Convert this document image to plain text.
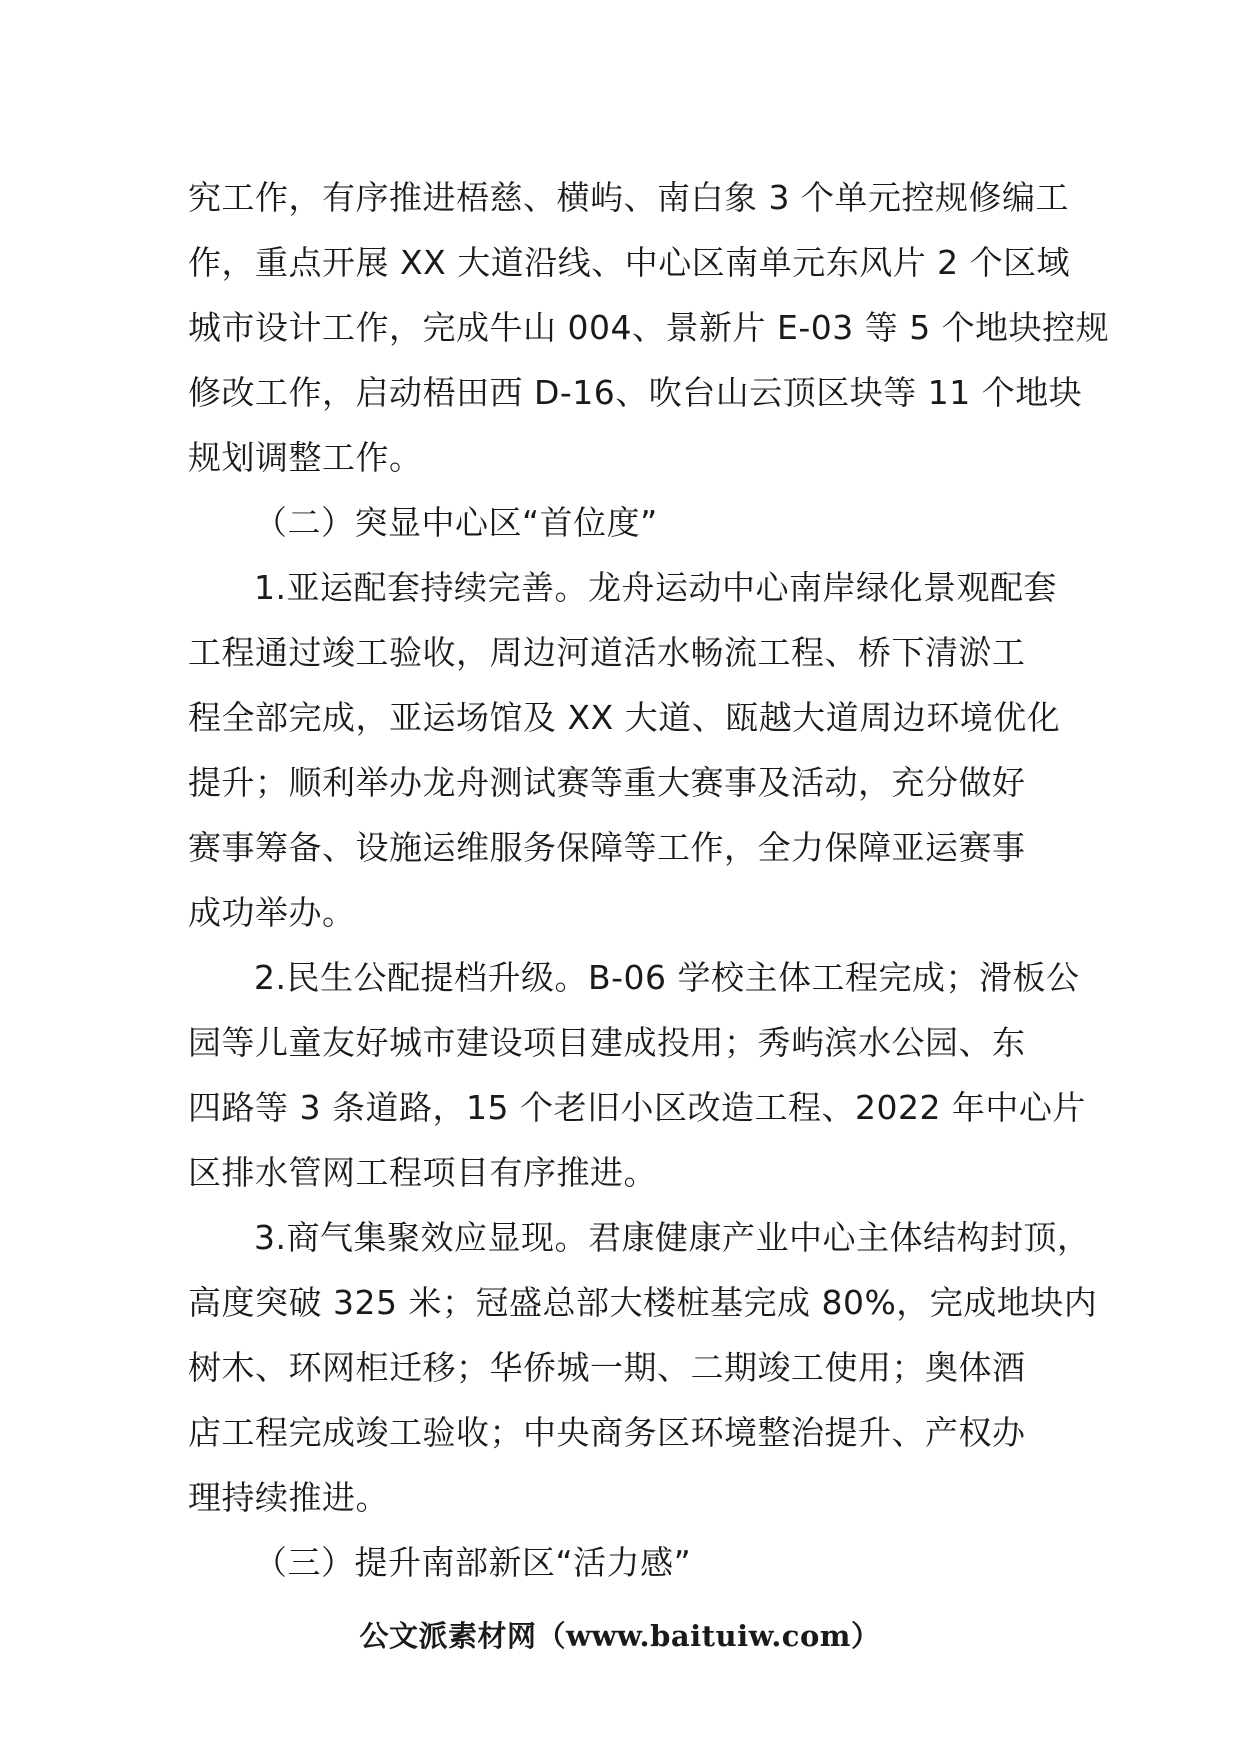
究工作，有序推进梧慈、横屿、南白象 3 个单元控规修编工
作，重点开展 XX 大道沿线、中心区南单元东风片 2 个区域
城市设计工作，完成牛山 004、景新片 E-03 等 5 个地块控规
修改工作，启动梧田西 D-16、吹台山云顶区块等 11 个地块
规划调整工作。
（二）突显中心区“首位度”
1.亚运配套持续完善。龙舟运动中心南岸绿化景观配套
工程通过竣工验收，周边河道活水畅流工程、桥下清淤工
程全部完成，亚运场馆及 XX 大道、瓯越大道周边环境优化
提升；顺利举办龙舟测试赛等重大赛事及活动，充分做好
赛事筹备、设施运维服务保障等工作，全力保障亚运赛事
成功举办。
2.民生公配提档升级。B-06 学校主体工程完成；滑板公
园等儿童友好城市建设项目建成投用；秀屿滨水公园、东
四路等 3 条道路，15 个老旧小区改造工程、2022 年中心片
区排水管网工程项目有序推进。
3.商气集聚效应显现。君康健康产业中心主体结构封顶，
高度突破 325 米；冠盛总部大楼桩基完成 80%，完成地块内
树木、环网柜迁移；华侨城一期、二期竣工使用；奥体酒
店工程完成竣工验收；中央商务区环境整治提升、产权办
理持续推进。
（三）提升南部新区“活力感”
公文派素材网（www.baituiw.com）
